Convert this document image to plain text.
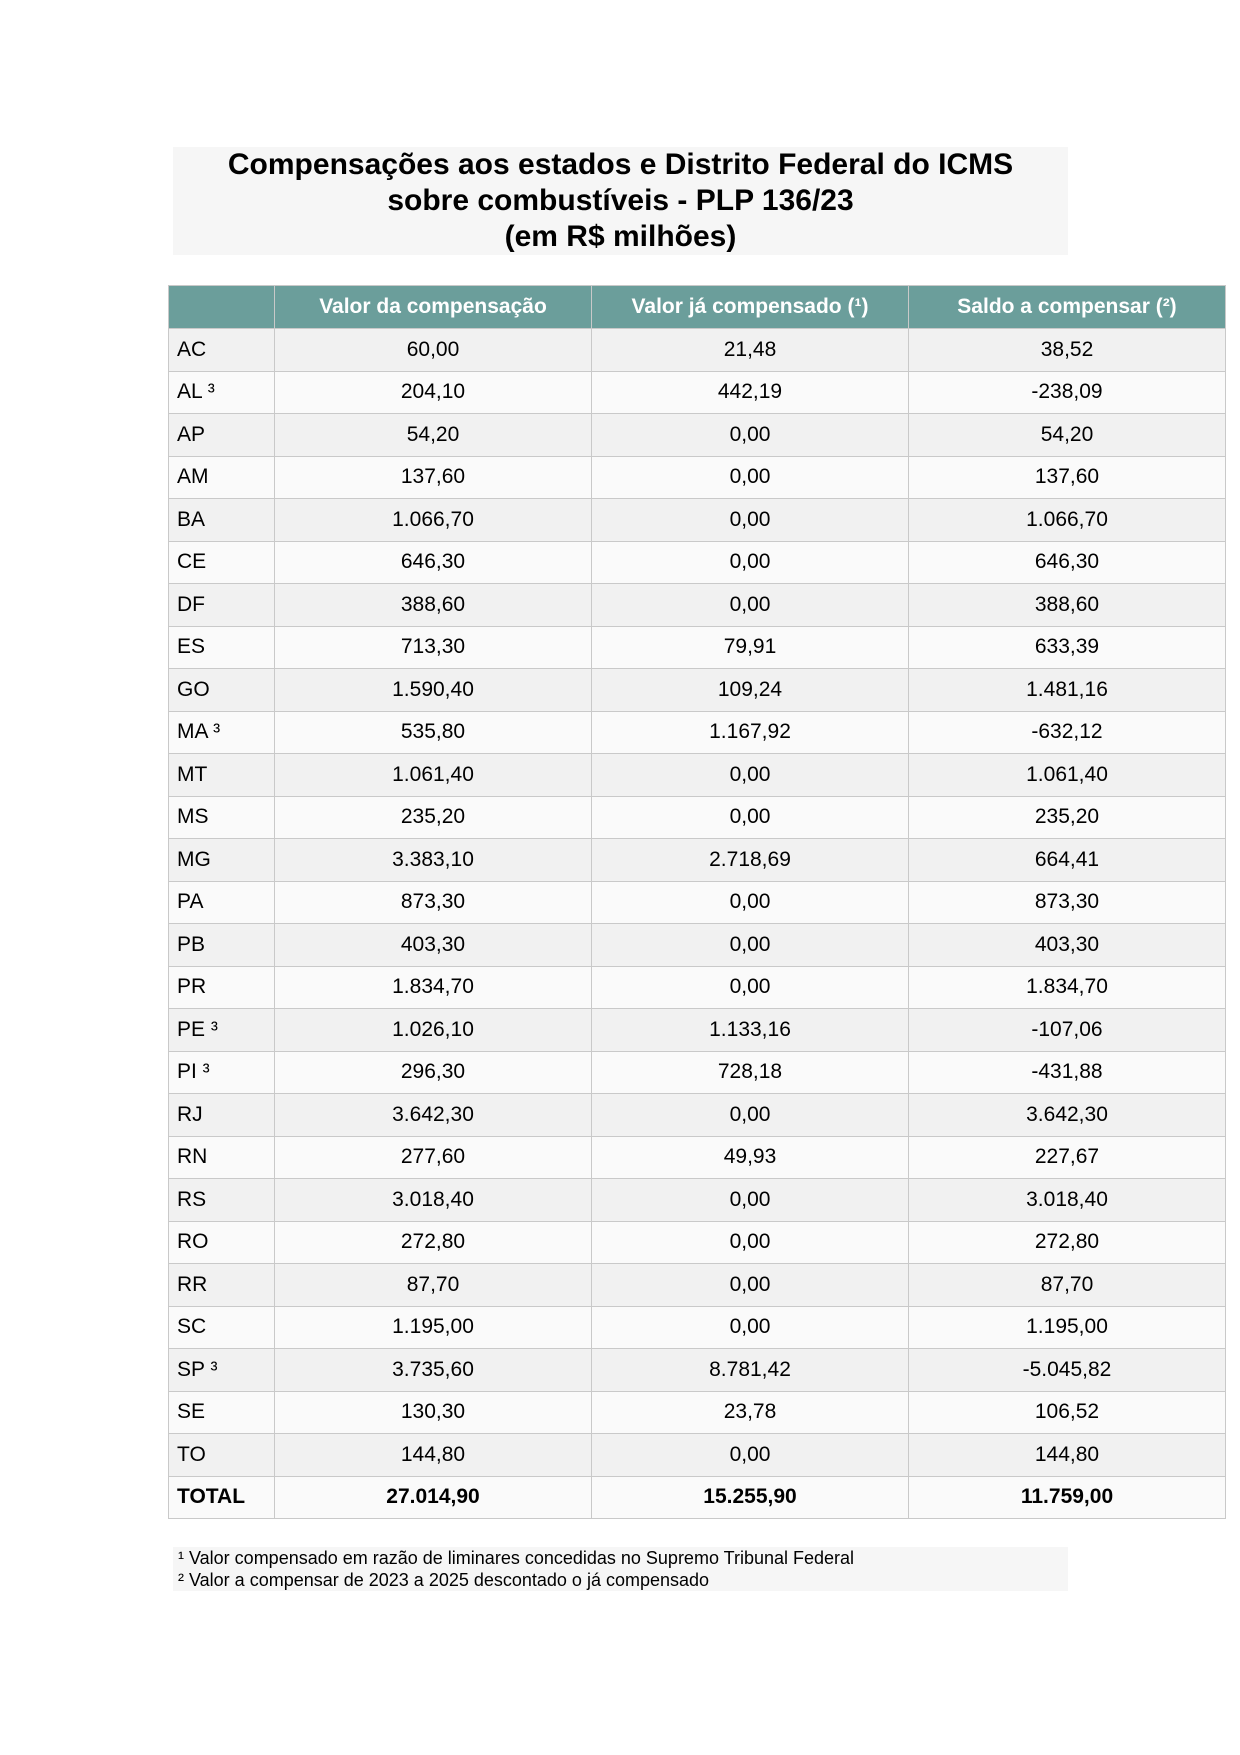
Compensações aos estados e Distrito Federal do ICMS
sobre combustíveis - PLP 136/23
(em R$ milhões)
	Valor da compensação	Valor já compensado (¹)	Saldo a compensar (²)
AC	60,00	21,48	38,52
AL ³	204,10	442,19	-238,09
AP	54,20	0,00	54,20
AM	137,60	0,00	137,60
BA	1.066,70	0,00	1.066,70
CE	646,30	0,00	646,30
DF	388,60	0,00	388,60
ES	713,30	79,91	633,39
GO	1.590,40	109,24	1.481,16
MA ³	535,80	1.167,92	-632,12
MT	1.061,40	0,00	1.061,40
MS	235,20	0,00	235,20
MG	3.383,10	2.718,69	664,41
PA	873,30	0,00	873,30
PB	403,30	0,00	403,30
PR	1.834,70	0,00	1.834,70
PE ³	1.026,10	1.133,16	-107,06
PI ³	296,30	728,18	-431,88
RJ	3.642,30	0,00	3.642,30
RN	277,60	49,93	227,67
RS	3.018,40	0,00	3.018,40
RO	272,80	0,00	272,80
RR	87,70	0,00	87,70
SC	1.195,00	0,00	1.195,00
SP ³	3.735,60	8.781,42	-5.045,82
SE	130,30	23,78	106,52
TO	144,80	0,00	144,80
TOTAL	27.014,90	15.255,90	11.759,00
¹ Valor compensado em razão de liminares concedidas no Supremo Tribunal Federal
² Valor a compensar de 2023 a 2025 descontado o já compensado
